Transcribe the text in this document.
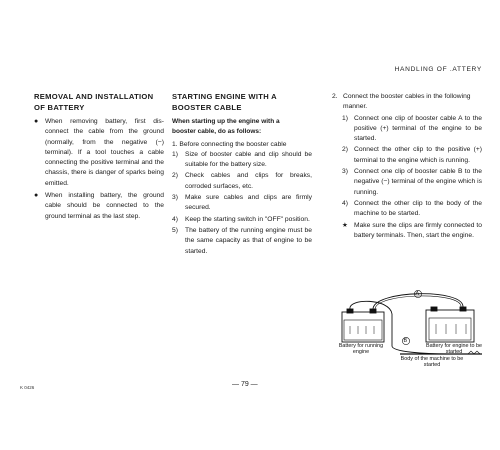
HANDLING OF .ATTERY
REMOVAL AND INSTALLATION
OF BATTERY
● When removing battery, first dis-connect the cable from the ground (normally, from the negative (−) terminal). If a tool touches a cable connecting the positive terminal and the chassis, there is danger of sparks being emitted.
● When installing battery, the ground cable should be connected to the ground terminal as the last step.
STARTING ENGINE WITH A
BOOSTER CABLE
When starting up the engine with a
booster cable, do as follows:
1. Before connecting the booster cable
1) Size of booster cable and clip should be suitable for the battery size.
2) Check cables and clips for breaks, corroded surfaces, etc.
3) Make sure cables and clips are firmly secured.
4) Keep the starting switch in "OFF" position.
5) The battery of the running engine must be the same capacity as that of engine to be started.
2. Connect the booster cables in the following manner.
1) Connect one clip of booster cable A to the positive (+) terminal of the engine to be started.
2) Connect the other clip to the positive (+) terminal to the engine which is running.
3) Connect one clip of booster cable B to the negative (−) terminal of the engine which is running.
4) Connect the other clip to the body of the machine to be started.
★ Make sure the clips are firmly connected to battery terminals. Then, start the engine.
A
B
Battery for running engine
Battery for engine to be started
Body of the machine to be started
K 0426	— 79 —
